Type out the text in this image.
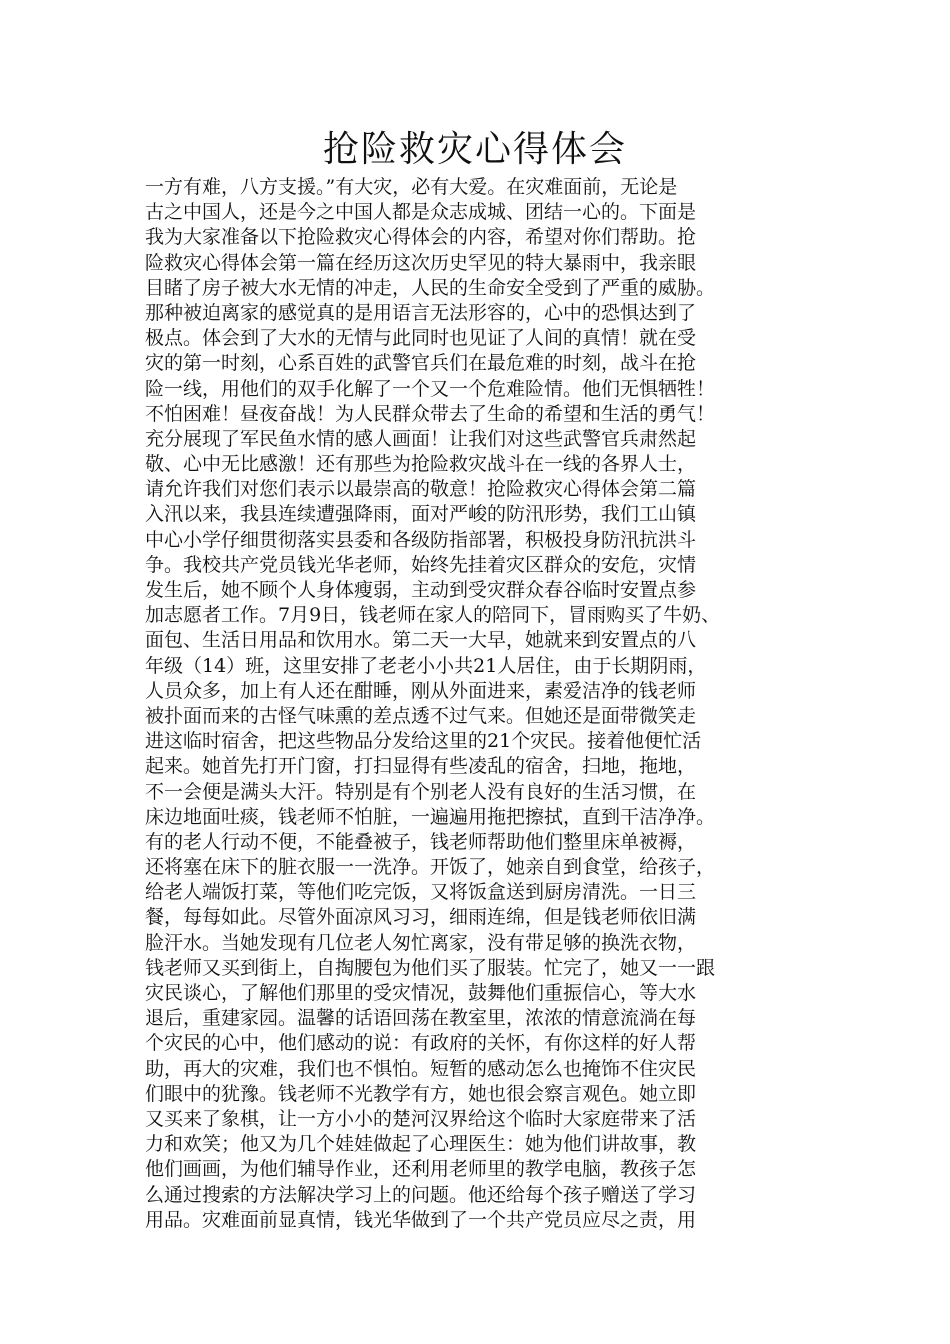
抢险救灾心得体会
一方有难，八方支援。”有大灾，必有大爱。在灾难面前，无论是
古之中国人，还是今之中国人都是众志成城、团结一心的。下面是
我为大家准备以下抢险救灾心得体会的内容，希望对你们帮助。抢
险救灾心得体会第一篇在经历这次历史罕见的特大暴雨中，我亲眼
目睹了房子被大水无情的冲走，人民的生命安全受到了严重的威胁。
那种被迫离家的感觉真的是用语言无法形容的，心中的恐惧达到了
极点。体会到了大水的无情与此同时也见证了人间的真情！就在受
灾的第一时刻，心系百姓的武警官兵们在最危难的时刻，战斗在抢
险一线，用他们的双手化解了一个又一个危难险情。他们无惧牺牲！
不怕困难！昼夜奋战！为人民群众带去了生命的希望和生活的勇气！
充分展现了军民鱼水情的感人画面！让我们对这些武警官兵肃然起
敬、心中无比感激！还有那些为抢险救灾战斗在一线的各界人士，
请允许我们对您们表示以最崇高的敬意！抢险救灾心得体会第二篇
入汛以来，我县连续遭强降雨，面对严峻的防汛形势，我们工山镇
中心小学仔细贯彻落实县委和各级防指部署，积极投身防汛抗洪斗
争。我校共产党员钱光华老师，始终先挂着灾区群众的安危，灾情
发生后，她不顾个人身体瘦弱，主动到受灾群众春谷临时安置点参
加志愿者工作。7月9日，钱老师在家人的陪同下，冒雨购买了牛奶、
面包、生活日用品和饮用水。第二天一大早，她就来到安置点的八
年级（14）班，这里安排了老老小小共21人居住，由于长期阴雨，
人员众多，加上有人还在酣睡，刚从外面进来，素爱洁净的钱老师
被扑面而来的古怪气味熏的差点透不过气来。但她还是面带微笑走
进这临时宿舍，把这些物品分发给这里的21个灾民。接着他便忙活
起来。她首先打开门窗，打扫显得有些凌乱的宿舍，扫地，拖地，
不一会便是满头大汗。特别是有个别老人没有良好的生活习惯，在
床边地面吐痰，钱老师不怕脏，一遍遍用拖把擦拭，直到干洁净净。
有的老人行动不便，不能叠被子，钱老师帮助他们整里床单被褥，
还将塞在床下的脏衣服一一洗净。开饭了，她亲自到食堂，给孩子，
给老人端饭打菜，等他们吃完饭，又将饭盒送到厨房清洗。一日三
餐，每每如此。尽管外面凉风习习，细雨连绵，但是钱老师依旧满
脸汗水。当她发现有几位老人匆忙离家，没有带足够的换洗衣物，
钱老师又买到街上，自掏腰包为他们买了服装。忙完了，她又一一跟
灾民谈心，了解他们那里的受灾情况，鼓舞他们重振信心，等大水
退后，重建家园。温馨的话语回荡在教室里，浓浓的情意流淌在每
个灾民的心中，他们感动的说：有政府的关怀，有你这样的好人帮
助，再大的灾难，我们也不惧怕。短暂的感动怎么也掩饰不住灾民
们眼中的犹豫。钱老师不光教学有方，她也很会察言观色。她立即
又买来了象棋，让一方小小的楚河汉界给这个临时大家庭带来了活
力和欢笑；他又为几个娃娃做起了心理医生：她为他们讲故事，教
他们画画，为他们辅导作业，还利用老师里的教学电脑，教孩子怎
么通过搜索的方法解决学习上的问题。他还给每个孩子赠送了学习
用品。灾难面前显真情，钱光华做到了一个共产党员应尽之责，用
